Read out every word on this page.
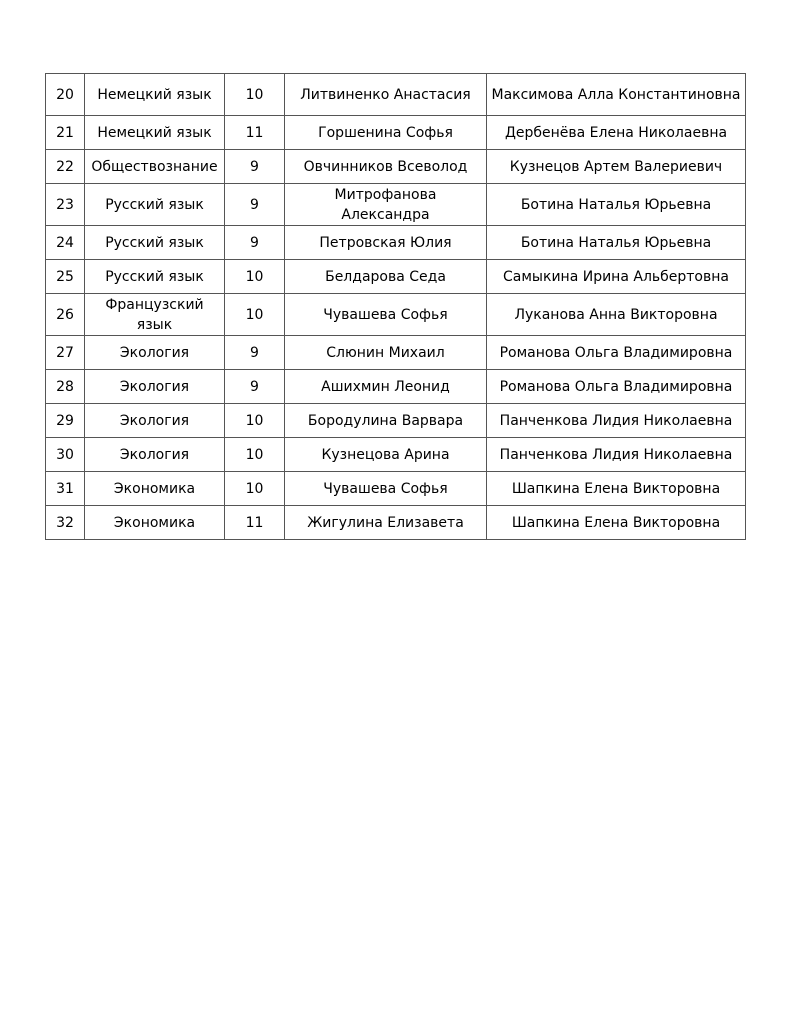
20	Немецкий язык	10	Литвиненко Анастасия	Максимова Алла Константиновна
21	Немецкий язык	11	Горшенина Софья	Дербенёва Елена Николаевна
22	Обществознание	9	Овчинников Всеволод	Кузнецов Артем Валериевич
23	Русский язык	9	Митрофанова Александра	Ботина Наталья Юрьевна
24	Русский язык	9	Петровская Юлия	Ботина Наталья Юрьевна
25	Русский язык	10	Белдарова Седа	Самыкина Ирина Альбертовна
26	Французский язык	10	Чувашева Софья	Луканова Анна Викторовна
27	Экология	9	Слюнин Михаил	Романова Ольга Владимировна
28	Экология	9	Ашихмин Леонид	Романова Ольга Владимировна
29	Экология	10	Бородулина Варвара	Панченкова Лидия Николаевна
30	Экология	10	Кузнецова Арина	Панченкова Лидия Николаевна
31	Экономика	10	Чувашева Софья	Шапкина Елена Викторовна
32	Экономика	11	Жигулина Елизавета	Шапкина Елена Викторовна
